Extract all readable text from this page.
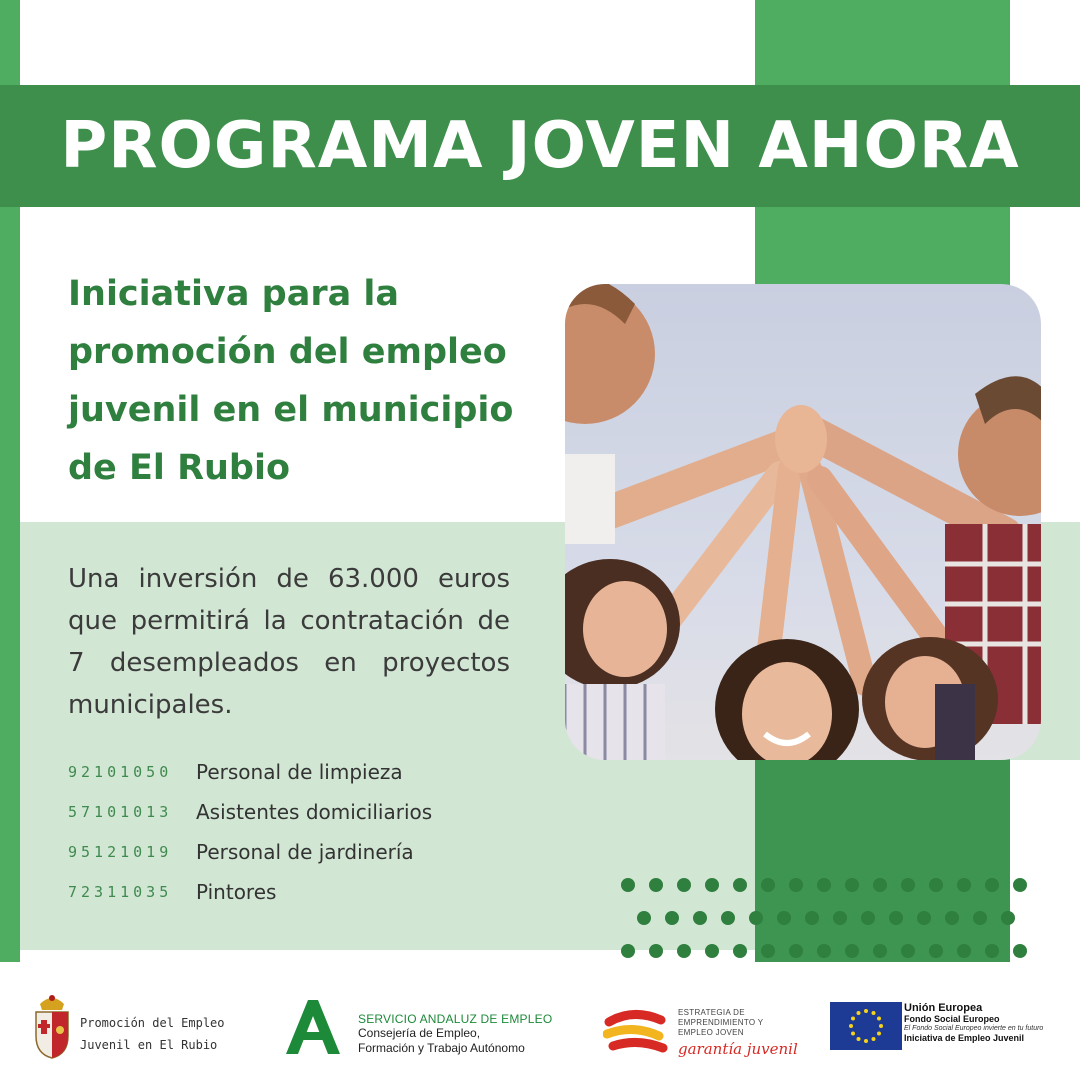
PROGRAMA JOVEN AHORA
Iniciativa para la promoción del empleo juvenil en el municipio de El Rubio

Una inversión de 63.000 euros que permitirá la contratación de 7 desempleados en proyectos municipales.

92101050	Personal de limpieza
57101013	Asistentes domiciliarios
95121019	Personal de jardinería
72311035	Pintores
Promoción del Empleo
Juvenil en El Rubio
SERVICIO ANDALUZ DE EMPLEO
Consejería de Empleo,
Formación y Trabajo Autónomo
ESTRATEGIA DE
EMPRENDIMIENTO Y
EMPLEO JOVEN
garantía juvenil
Unión Europea
Fondo Social Europeo
El Fondo Social Europeo invierte en tu futuro
Iniciativa de Empleo Juvenil
